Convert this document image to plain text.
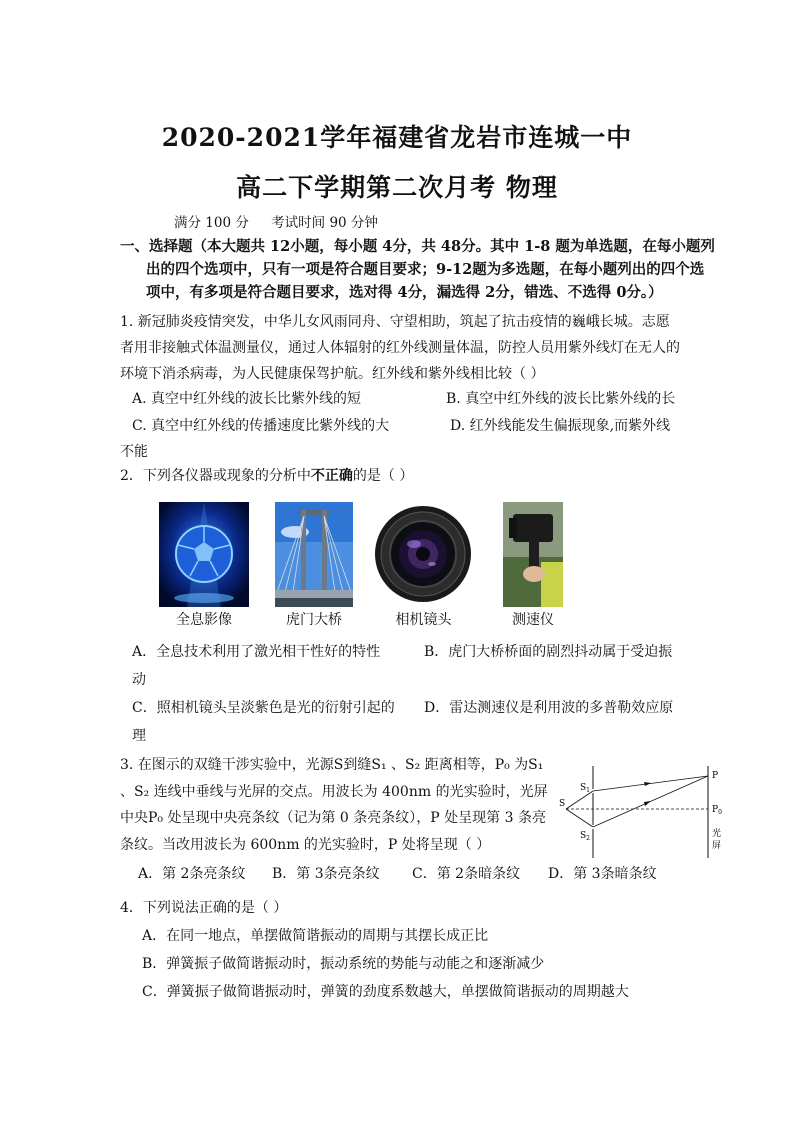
2020-2021学年福建省龙岩市连城一中
高二下学期第二次月考 物理
满分 100 分 考试时间 90 分钟
一、选择题（本大题共 12小题，每小题 4分，共 48分。其中 1-8 题为单选题，在每小题列出的四个选项中，只有一项是符合题目要求；9-12题为多选题，在每小题列出的四个选项中，有多项是符合题目要求，选对得 4分，漏选得 2分，错选、不选得 0分。）
1. 新冠肺炎疫情突发，中华儿女风雨同舟、守望相助，筑起了抗击疫情的巍峨长城。志愿者用非接触式体温测量仪，通过人体辐射的红外线测量体温，防控人员用紫外线灯在无人的环境下消杀病毒，为人民健康保驾护航。红外线和紫外线相比较（ ）
A. 真空中红外线的波长比紫外线的短	B. 真空中红外线的波长比紫外线的长
C. 真空中红外线的传播速度比紫外线的大	D. 红外线能发生偏振现象,而紫外线
不能
2．下列各仪器或现象的分析中不正确的是（ ）
全息影像	虎门大桥	相机镜头	测速仪
A．全息技术利用了激光相干性好的特性	B．虎门大桥桥面的剧烈抖动属于受迫振
动
C．照相机镜头呈淡紫色是光的衍射引起的 D．雷达测速仪是利用波的多普勒效应原
理
3. 在图示的双缝干涉实验中，光源S到缝S₁ 、S₂ 距离相等，P₀ 为S₁ 、S₂ 连线中垂线与光屏的交点。用波长为 400nm 的光实验时，光屏中央P₀ 处呈现中央亮条纹（记为第 0 条亮条纹），P 处呈现第 3 条亮条纹。当改用波长为 600nm 的光实验时，P 处将呈现（ ）
S
$S_1$
$S_2$
P
$P_0$
光
屏
A．第 2条亮条纹 B．第 3条亮条纹 C．第 2条暗条纹 D．第 3条暗条纹
4．下列说法正确的是（ ）
A．在同一地点，单摆做简谐振动的周期与其摆长成正比
B．弹簧振子做简谐振动时，振动系统的势能与动能之和逐渐减少
C．弹簧振子做简谐振动时，弹簧的劲度系数越大，单摆做简谐振动的周期越大
